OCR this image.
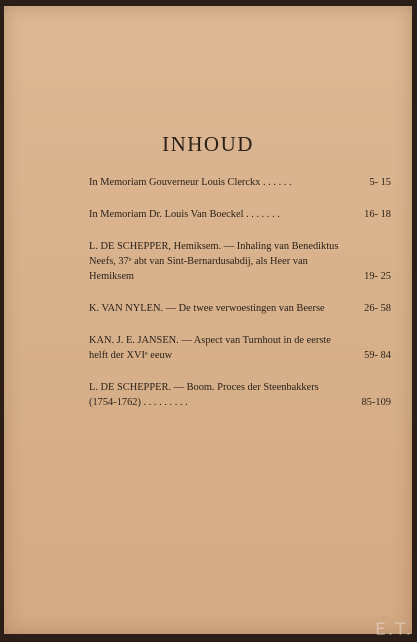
INHOUD
In Memoriam Gouverneur Louis Clerckx . . . . . .	5- 15
In Memoriam Dr. Louis Van Boeckel . . . . . . .	16- 18
L. DE SCHEPPER, Hemiksem. — Inhaling van Benediktus Neefs, 37ᵉ abt van Sint-Bernardusabdij, als Heer van Hemiksem	19- 25
K. VAN NYLEN. — De twee verwoestingen van Beerse	26- 58
KAN. J. E. JANSEN. — Aspect van Turnhout in de eerste helft der XVIᵉ eeuw	59- 84
L. DE SCHEPPER. — Boom. Proces der Steenbakkers (1754-1762) . . . . . . . . .	85-109
E.T.
